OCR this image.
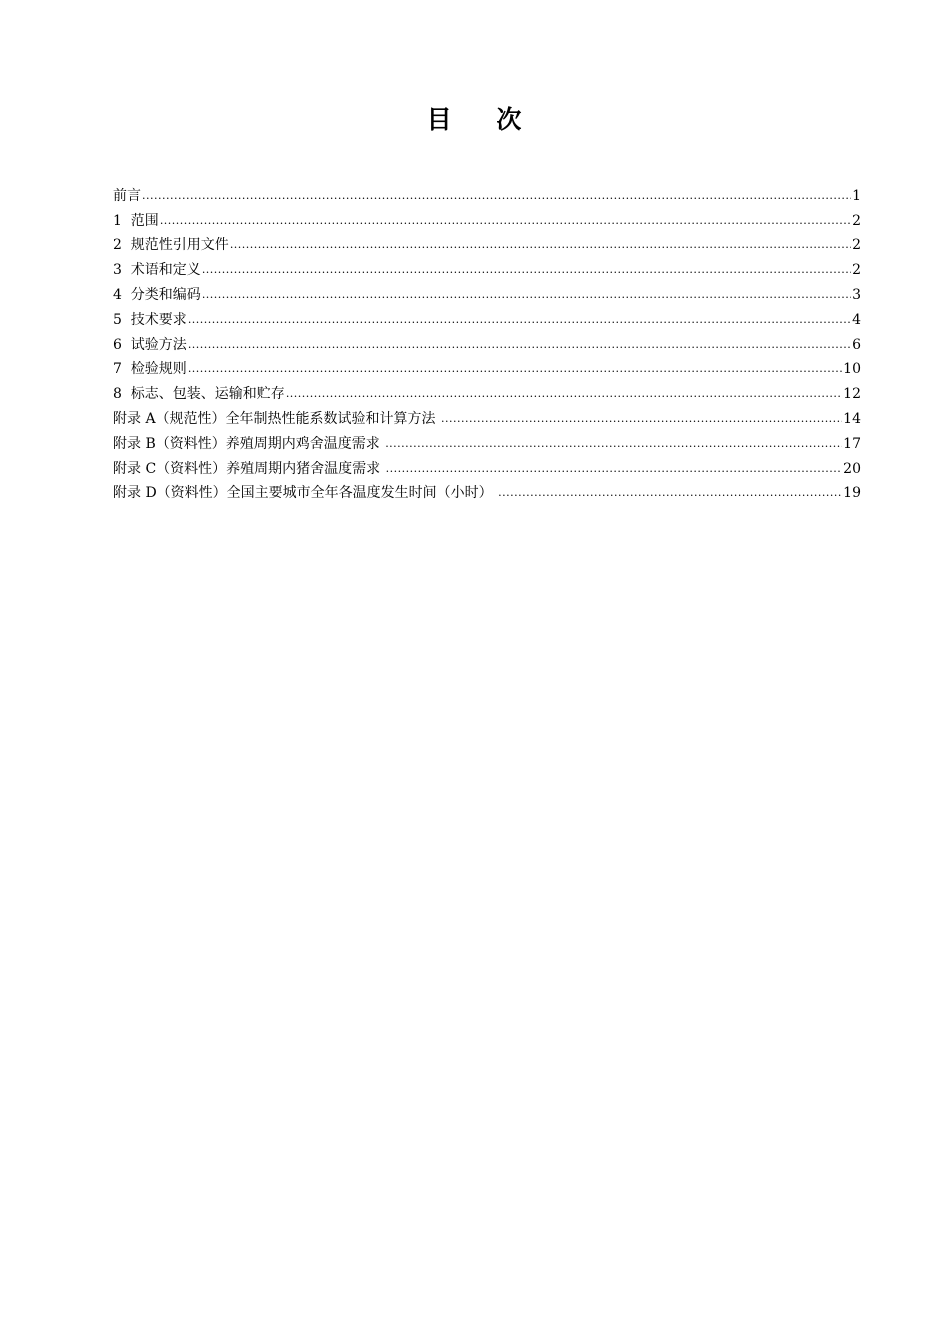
目    次
前言 .....	1
1  范围 .....	2
2  规范性引用文件 .....	2
3  术语和定义 .....	2
4  分类和编码 .....	3
5  技术要求 .....	4
6  试验方法 .....	6
7  检验规则 .....	10
8  标志、包装、运输和贮存 .....	12
附录 A（规范性）全年制热性能系数试验和计算方法 .....	14
附录 B（资料性）养殖周期内鸡舍温度需求 .....	17
附录 C（资料性）养殖周期内猪舍温度需求 .....	20
附录 D（资料性）全国主要城市全年各温度发生时间（小时） .....	19
